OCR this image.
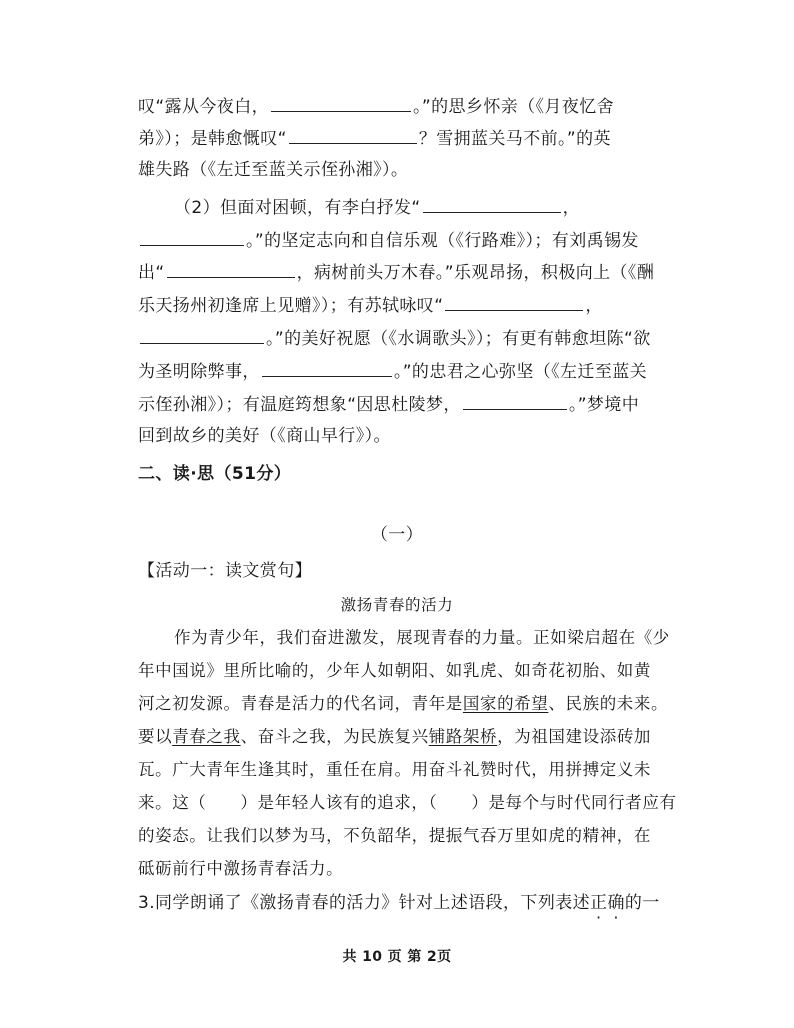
叹“露从今夜白，	。”的思乡怀亲（《月夜忆舍
弟》）；是韩愈慨叹“	？雪拥蓝关马不前。”的英
雄失路（《左迁至蓝关示侄孙湘》）。
（2）但面对困顿，有李白抒发“	，
。”的坚定志向和自信乐观（《行路难》）；有刘禹锡发
出“	，病树前头万木春。”乐观昂扬，积极向上（《酬
乐天扬州初逢席上见赠》）；有苏轼咏叹“	，
。”的美好祝愿（《水调歌头》）；有更有韩愈坦陈“欲
为圣明除弊事，	。”的忠君之心弥坚（《左迁至蓝关
示侄孙湘》）；有温庭筠想象“因思杜陵梦，	。”梦境中
回到故乡的美好（《商山早行》）。
二、读·思（51分）
（一）
【活动一：读文赏句】
激扬青春的活力
作为青少年，我们奋进激发，展现青春的力量。正如梁启超在《少
年中国说》里所比喻的，少年人如朝阳、如乳虎、如奇花初胎、如黄
河之初发源。青春是活力的代名词，青年是国家的希望、民族的未来。
要以青春之我、奋斗之我，为民族复兴铺路架桥，为祖国建设添砖加
瓦。广大青年生逢其时，重任在肩。用奋斗礼赞时代，用拼搏定义未
来。这（ ）是年轻人该有的追求，（ ）是每个与时代同行者应有
的姿态。让我们以梦为马，不负韶华，提振气吞万里如虎的精神，在
砥砺前行中激扬青春活力。
3.同学朗诵了《激扬青春的活力》针对上述语段，下列表述正确的一
共 10 页 第 2页
